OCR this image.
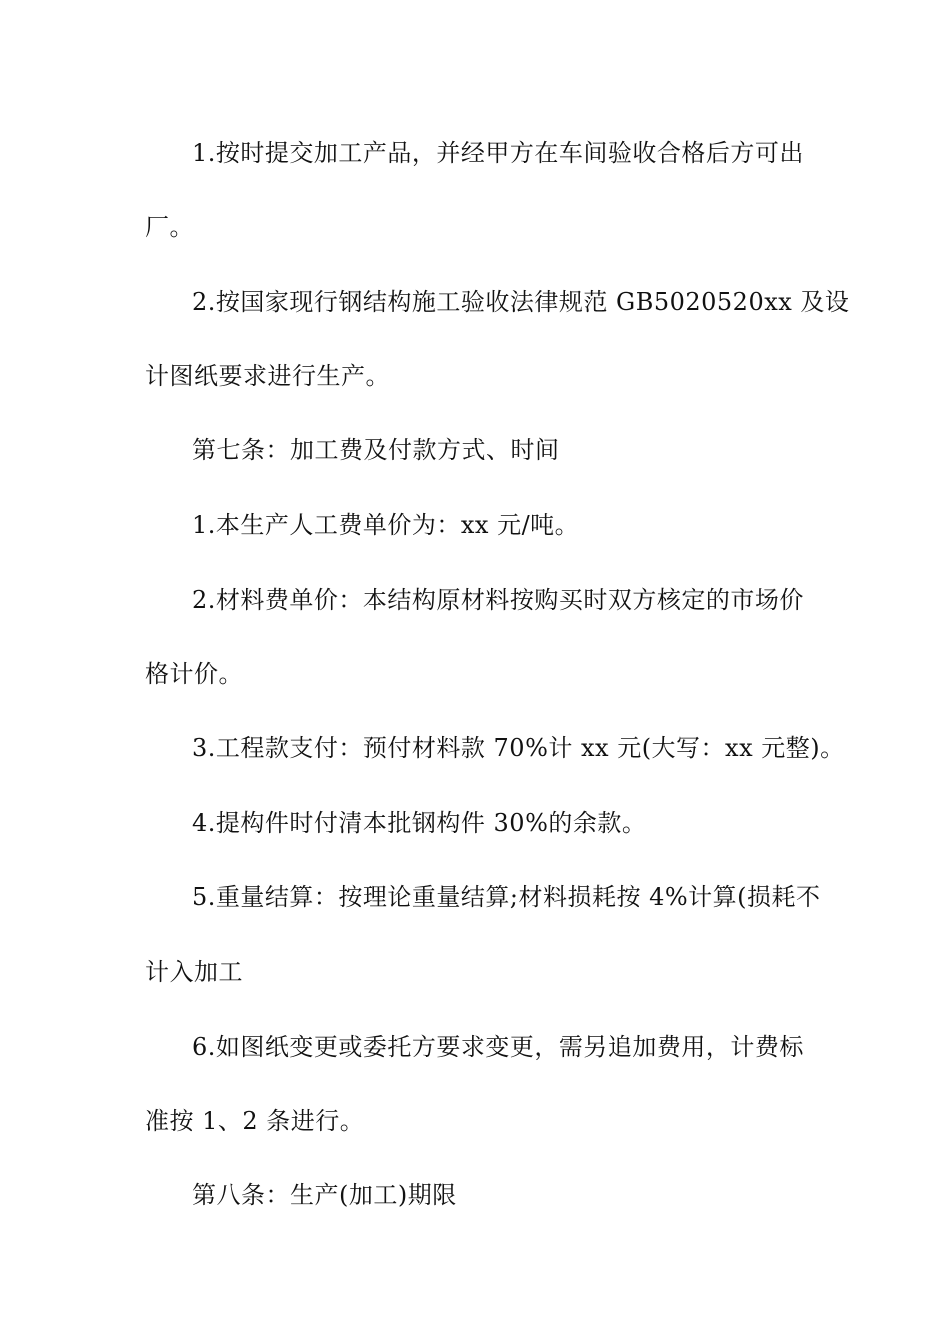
1.按时提交加工产品，并经甲方在车间验收合格后方可出
厂。
2.按国家现行钢结构施工验收法律规范 GB5020520xx 及设
计图纸要求进行生产。
第七条：加工费及付款方式、时间
1.本生产人工费单价为：xx 元/吨。
2.材料费单价：本结构原材料按购买时双方核定的市场价
格计价。
3.工程款支付：预付材料款 70%计 xx 元(大写：xx 元整)。
4.提构件时付清本批钢构件 30%的余款。
5.重量结算：按理论重量结算;材料损耗按 4%计算(损耗不
计入加工
6.如图纸变更或委托方要求变更，需另追加费用，计费标
准按 1、2 条进行。
第八条：生产(加工)期限
